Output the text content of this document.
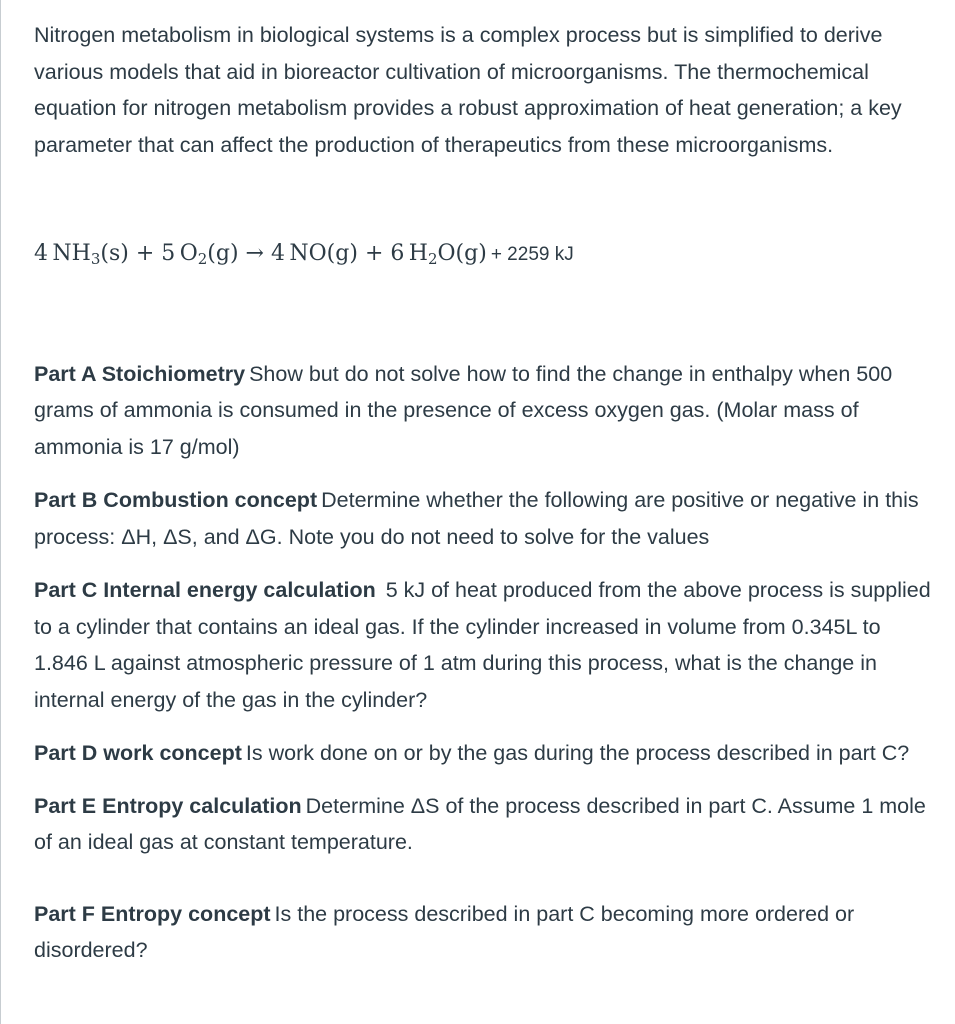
Nitrogen metabolism in biological systems is a complex process but is simplified to derive various models that aid in bioreactor cultivation of microorganisms. The thermochemical equation for nitrogen metabolism provides a robust approximation of heat generation; a key parameter that can affect the production of therapeutics from these microorganisms.

4  $NH_3(s) + 5$  $O_2(g) \to 4$  NO(g) + 6  $H_2O(g) + 2259$ kJ

Part A Stoichiometry Show but do not solve how to find the change in enthalpy when 500 grams of ammonia is consumed in the presence of excess oxygen gas. (Molar mass of ammonia is 17 g/mol)

Part B Combustion concept Determine whether the following are positive or negative in this process: ΔH, ΔS, and ΔG. Note you do not need to solve for the values

Part C Internal energy calculation 5 kJ of heat produced from the above process is supplied to a cylinder that contains an ideal gas. If the cylinder increased in volume from 0.345L to 1.846 L against atmospheric pressure of 1 atm during this process, what is the change in internal energy of the gas in the cylinder?

Part D work concept Is work done on or by the gas during the process described in part C?

Part E Entropy calculation Determine ΔS of the process described in part C. Assume 1 mole of an ideal gas at constant temperature.

Part F Entropy concept Is the process described in part C becoming more ordered or disordered?
